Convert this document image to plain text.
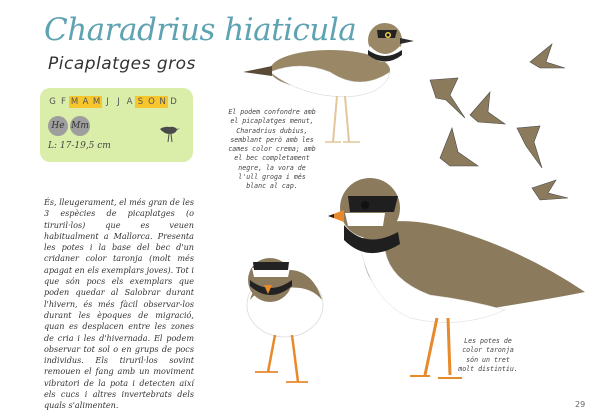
Charadrius hiaticula
Picaplatges gros
G F M A M J J A S O N D
He Mm
L: 17-19,5 cm
És, lleugerament, el més gran de les 3 espècies de picaplatges (o tiruril·los) que es veuen habitualment a Mallorca. Presenta les potes i la base del bec d'un cridaner color taronja (molt més apagat en els exemplars joves). Tot i que són pocs els exemplars que poden quedar al Salobrar durant l'hivern, és més fàcil observar-los durant les èpoques de migració, quan es desplacen entre les zones de cria i les d'hivernada. El podem observar tot sol o en grups de pocs individus. Els tiruril·los sovint remouen el fang amb un moviment vibratori de la pota i detecten així els cucs i altres invertebrats dels quals s'alimenten.
El podem confondre amb el picaplatges menut, Charadrius dubius, semblant però amb les cames color crema; amb el bec completament negre, la vora de l'ull groga i més blanc al cap.
Les potes de color taronja són un tret molt distintiu.
29
